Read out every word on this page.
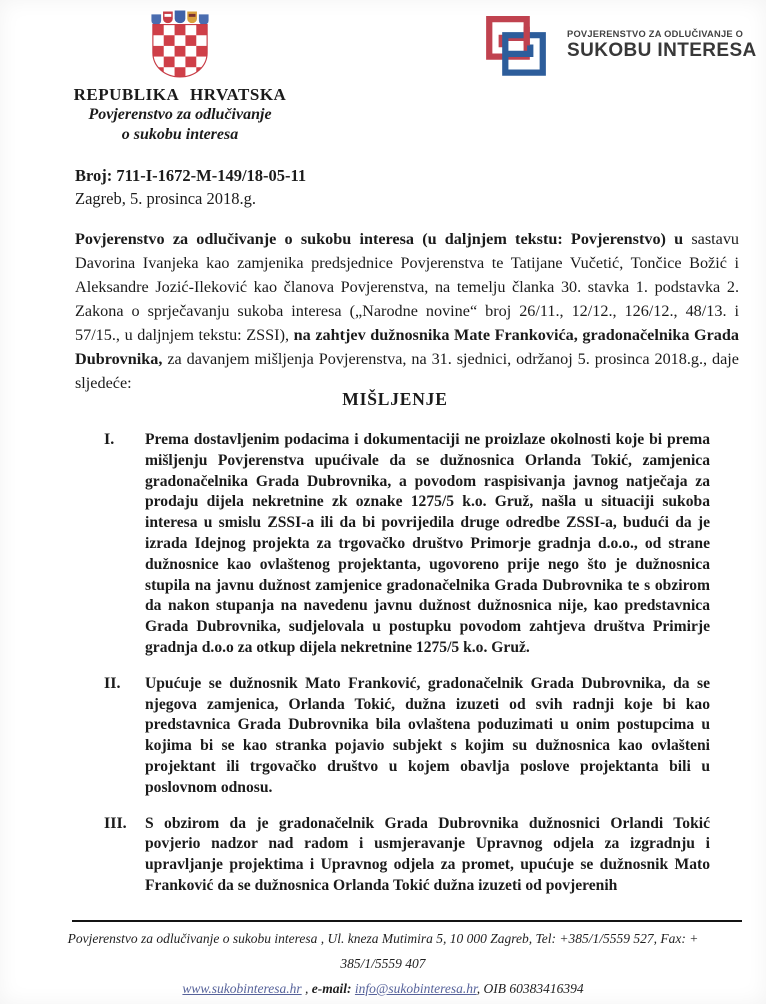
REPUBLIKA HRVATSKA
Povjerenstvo za odlučivanje
o sukobu interesa
POVJERENSTVO ZA ODLUČIVANJE O
SUKOBU INTERESA
Broj: 711-I-1672-M-149/18-05-11
Zagreb, 5. prosinca 2018.g.

Povjerenstvo za odlučivanje o sukobu interesa (u daljnjem tekstu: Povjerenstvo) u sastavu Davorina Ivanjeka kao zamjenika predsjednice Povjerenstva te Tatijane Vučetić, Tončice Božić i Aleksandre Jozić-Ileković kao članova Povjerenstva, na temelju članka 30. stavka 1. podstavka 2. Zakona o sprječavanju sukoba interesa („Narodne novine“ broj 26/11., 12/12., 126/12., 48/13. i 57/15., u daljnjem tekstu: ZSSI), na zahtjev dužnosnika Mate Frankovića, gradonačelnika Grada Dubrovnika, za davanjem mišljenja Povjerenstva, na 31. sjednici, održanoj 5. prosinca 2018.g., daje sljedeće:

MIŠLJENJE
I.	Prema dostavljenim podacima i dokumentaciji ne proizlaze okolnosti koje bi prema mišljenju Povjerenstva upućivale da se dužnosnica Orlanda Tokić, zamjenica gradonačelnika Grada Dubrovnika, a povodom raspisivanja javnog natječaja za prodaju dijela nekretnine zk oznake 1275/5 k.o. Gruž, našla u situaciji sukoba interesa u smislu ZSSI-a ili da bi povrijedila druge odredbe ZSSI-a, budući da je izrada Idejnog projekta za trgovačko društvo Primorje gradnja d.o.o., od strane dužnosnice kao ovlaštenog projektanta, ugovoreno prije nego što je dužnosnica stupila na javnu dužnost zamjenice gradonačelnika Grada Dubrovnika te s obzirom da nakon stupanja na navedenu javnu dužnost dužnosnica nije, kao predstavnica Grada Dubrovnika, sudjelovala u postupku povodom zahtjeva društva Primirje gradnja d.o.o za otkup dijela nekretnine 1275/5 k.o. Gruž.

II.	Upućuje se dužnosnik Mato Franković, gradonačelnik Grada Dubrovnika, da se njegova zamjenica, Orlanda Tokić, dužna izuzeti od svih radnji koje bi kao predstavnica Grada Dubrovnika bila ovlaštena poduzimati u onim postupcima u kojima bi se kao stranka pojavio subjekt s kojim su dužnosnica kao ovlašteni projektant ili trgovačko društvo u kojem obavlja poslove projektanta bili u poslovnom odnosu.

III.	S obzirom da je gradonačelnik Grada Dubrovnika dužnosnici Orlandi Tokić povjerio nadzor nad radom i usmjeravanje Upravnog odjela za izgradnju i upravljanje projektima i Upravnog odjela za promet, upućuje se dužnosnik Mato Franković da se dužnosnica Orlanda Tokić dužna izuzeti od povjerenih

Povjerenstvo za odlučivanje o sukobu interesa , Ul. kneza Mutimira 5, 10 000 Zagreb, Tel: +385/1/5559 527, Fax: +
385/1/5559 407
www.sukobinteresa.hr , e-mail: info@sukobinteresa.hr, OIB 60383416394
